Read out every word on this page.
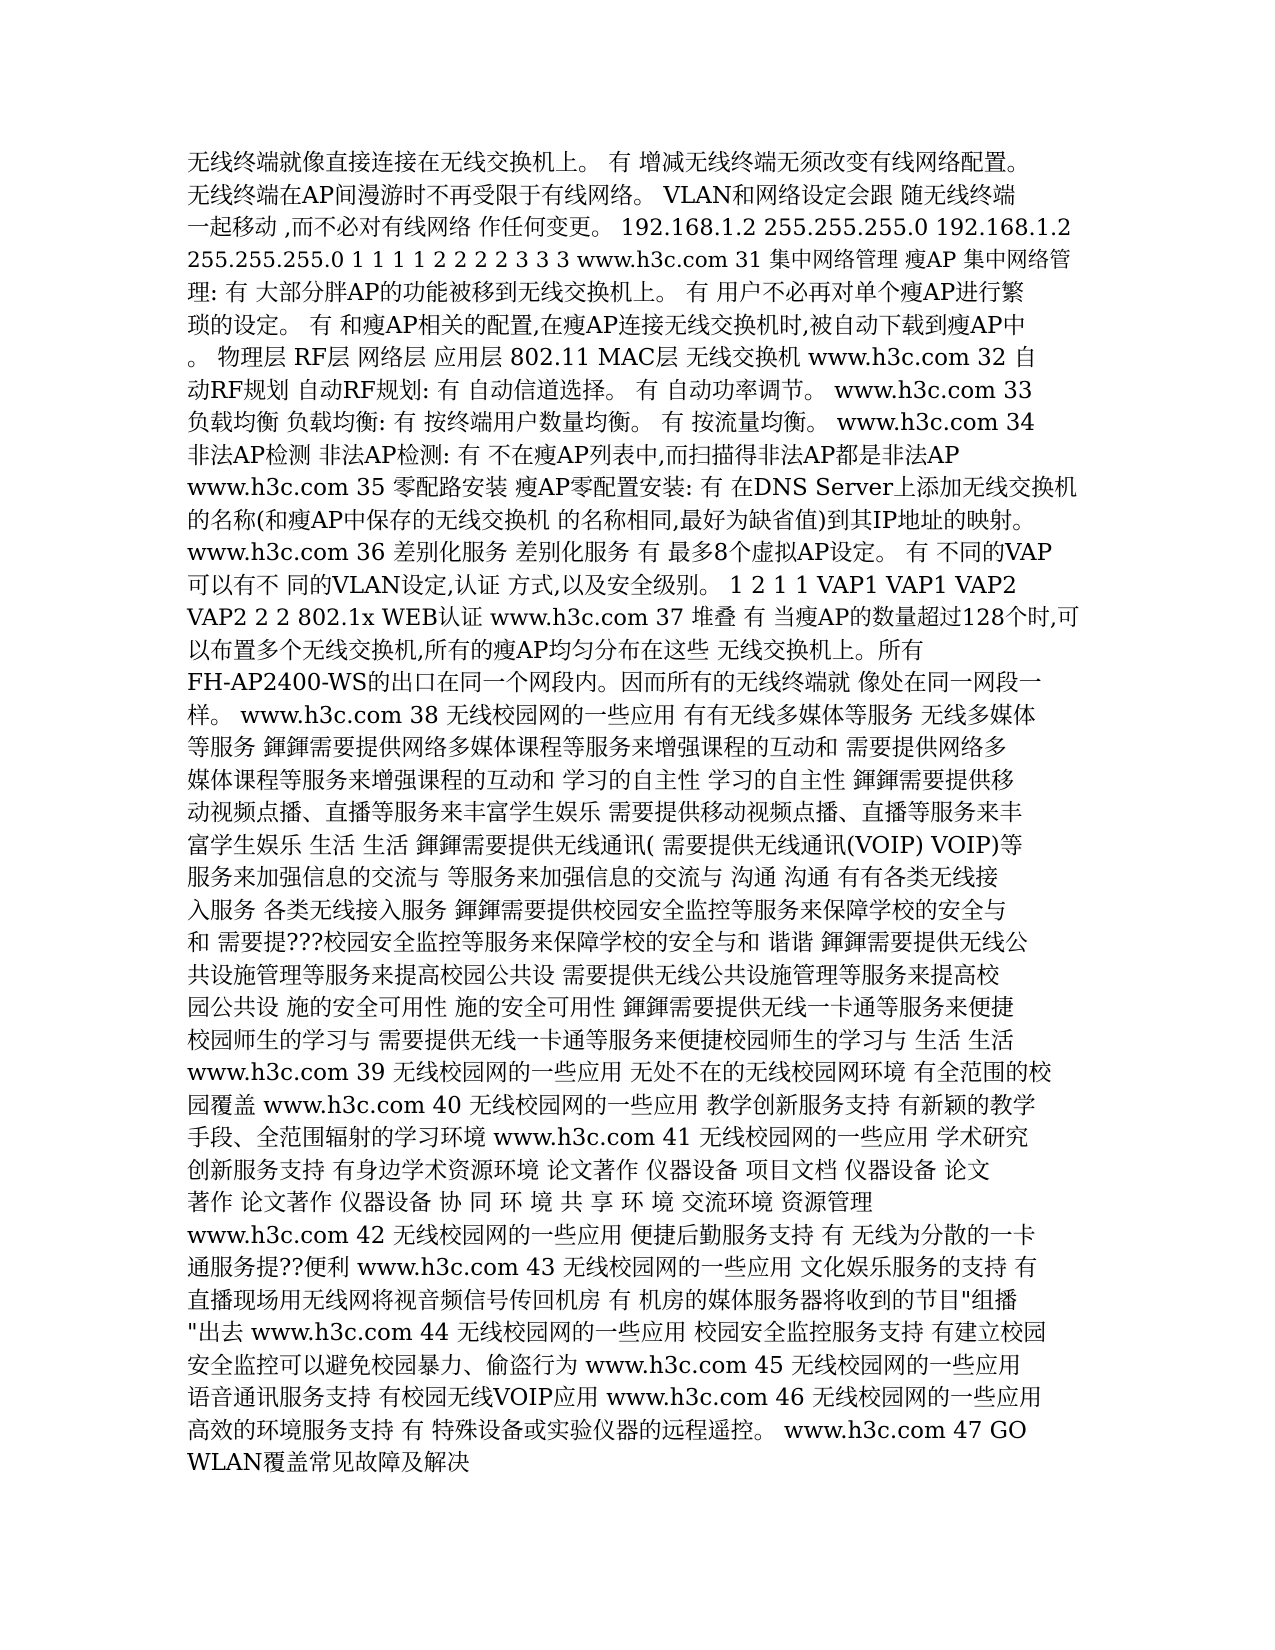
无线终端就像直接连接在无线交换机上。 有 增减无线终端无须改变有线网络配置。
无线终端在AP间漫游时不再受限于有线网络。 VLAN和网络设定会跟 随无线终端
一起移动 ,而不必对有线网络 作任何变更。 192.168.1.2 255.255.255.0 192.168.1.2
255.255.255.0 1 1 1 1 2 2 2 2 3 3 3 www.h3c.com 31 集中网络管理 瘦AP 集中网络管
理: 有 大部分胖AP的功能被移到无线交换机上。 有 用户不必再对单个瘦AP进行繁
琐的设定。 有 和瘦AP相关的配置,在瘦AP连接无线交换机时,被自动下载到瘦AP中
。 物理层 RF层 网络层 应用层 802.11 MAC层 无线交换机 www.h3c.com 32 自
动RF规划 自动RF规划: 有 自动信道选择。 有 自动功率调节。 www.h3c.com 33
负载均衡 负载均衡: 有 按终端用户数量均衡。 有 按流量均衡。 www.h3c.com 34
非法AP检测 非法AP检测: 有 不在瘦AP列表中,而扫描得非法AP都是非法AP
www.h3c.com 35 零配路安装 瘦AP零配置安装: 有 在DNS Server上添加无线交换机
的名称(和瘦AP中保存的无线交换机 的名称相同,最好为缺省值)到其IP地址的映射。
www.h3c.com 36 差别化服务 差别化服务 有 最多8个虚拟AP设定。 有 不同的VAP
可以有不 同的VLAN设定,认证 方式,以及安全级别。 1 2 1 1 VAP1 VAP1 VAP2
VAP2 2 2 802.1x WEB认证 www.h3c.com 37 堆叠 有 当瘦AP的数量超过128个时,可
以布置多个无线交换机,所有的瘦AP均匀分布在这些 无线交换机上。所有
FH-AP2400-WS的出口在同一个网段内。因而所有的无线终端就 像处在同一网段一
样。 www.h3c.com 38 无线校园网的一些应用 有有无线多媒体等服务 无线多媒体
等服务 鍕鍕需要提供网络多媒体课程等服务来增强课程的互动和 需要提供网络多
媒体课程等服务来增强课程的互动和 学习的自主性 学习的自主性 鍕鍕需要提供移
动视频点播、直播等服务来丰富学生娱乐 需要提供移动视频点播、直播等服务来丰
富学生娱乐 生活 生活 鍕鍕需要提供无线通讯( 需要提供无线通讯(VOIP) VOIP)等
服务来加强信息的交流与 等服务来加强信息的交流与 沟通 沟通 有有各类无线接
入服务 各类无线接入服务 鍕鍕需要提供校园安全监控等服务来保障学校的安全与
和 需要提???校园安全监控等服务来保障学校的安全与和 谐谐 鍕鍕需要提供无线公
共设施管理等服务来提高校园公共设 需要提供无线公共设施管理等服务来提高校
园公共设 施的安全可用性 施的安全可用性 鍕鍕需要提供无线一卡通等服务来便捷
校园师生的学习与 需要提供无线一卡通等服务来便捷校园师生的学习与 生活 生活
www.h3c.com 39 无线校园网的一些应用 无处不在的无线校园网环境 有全范围的校
园覆盖 www.h3c.com 40 无线校园网的一些应用 教学创新服务支持 有新颖的教学
手段、全范围辐射的学习环境 www.h3c.com 41 无线校园网的一些应用 学术研究
创新服务支持 有身边学术资源环境 论文著作 仪器设备 项目文档 仪器设备 论文
著作 论文著作 仪器设备 协 同 环 境 共 享 环 境 交流环境 资源管理
www.h3c.com 42 无线校园网的一些应用 便捷后勤服务支持 有 无线为分散的一卡
通服务提??便利 www.h3c.com 43 无线校园网的一些应用 文化娱乐服务的支持 有
直播现场用无线网将视音频信号传回机房 有 机房的媒体服务器将收到的节目"组播
"出去 www.h3c.com 44 无线校园网的一些应用 校园安全监控服务支持 有建立校园
安全监控可以避免校园暴力、偷盗行为 www.h3c.com 45 无线校园网的一些应用
语音通讯服务支持 有校园无线VOIP应用 www.h3c.com 46 无线校园网的一些应用
高效的环境服务支持 有 特殊设备或实验仪器的远程遥控。 www.h3c.com 47 GO
WLAN覆盖常见故障及解决
